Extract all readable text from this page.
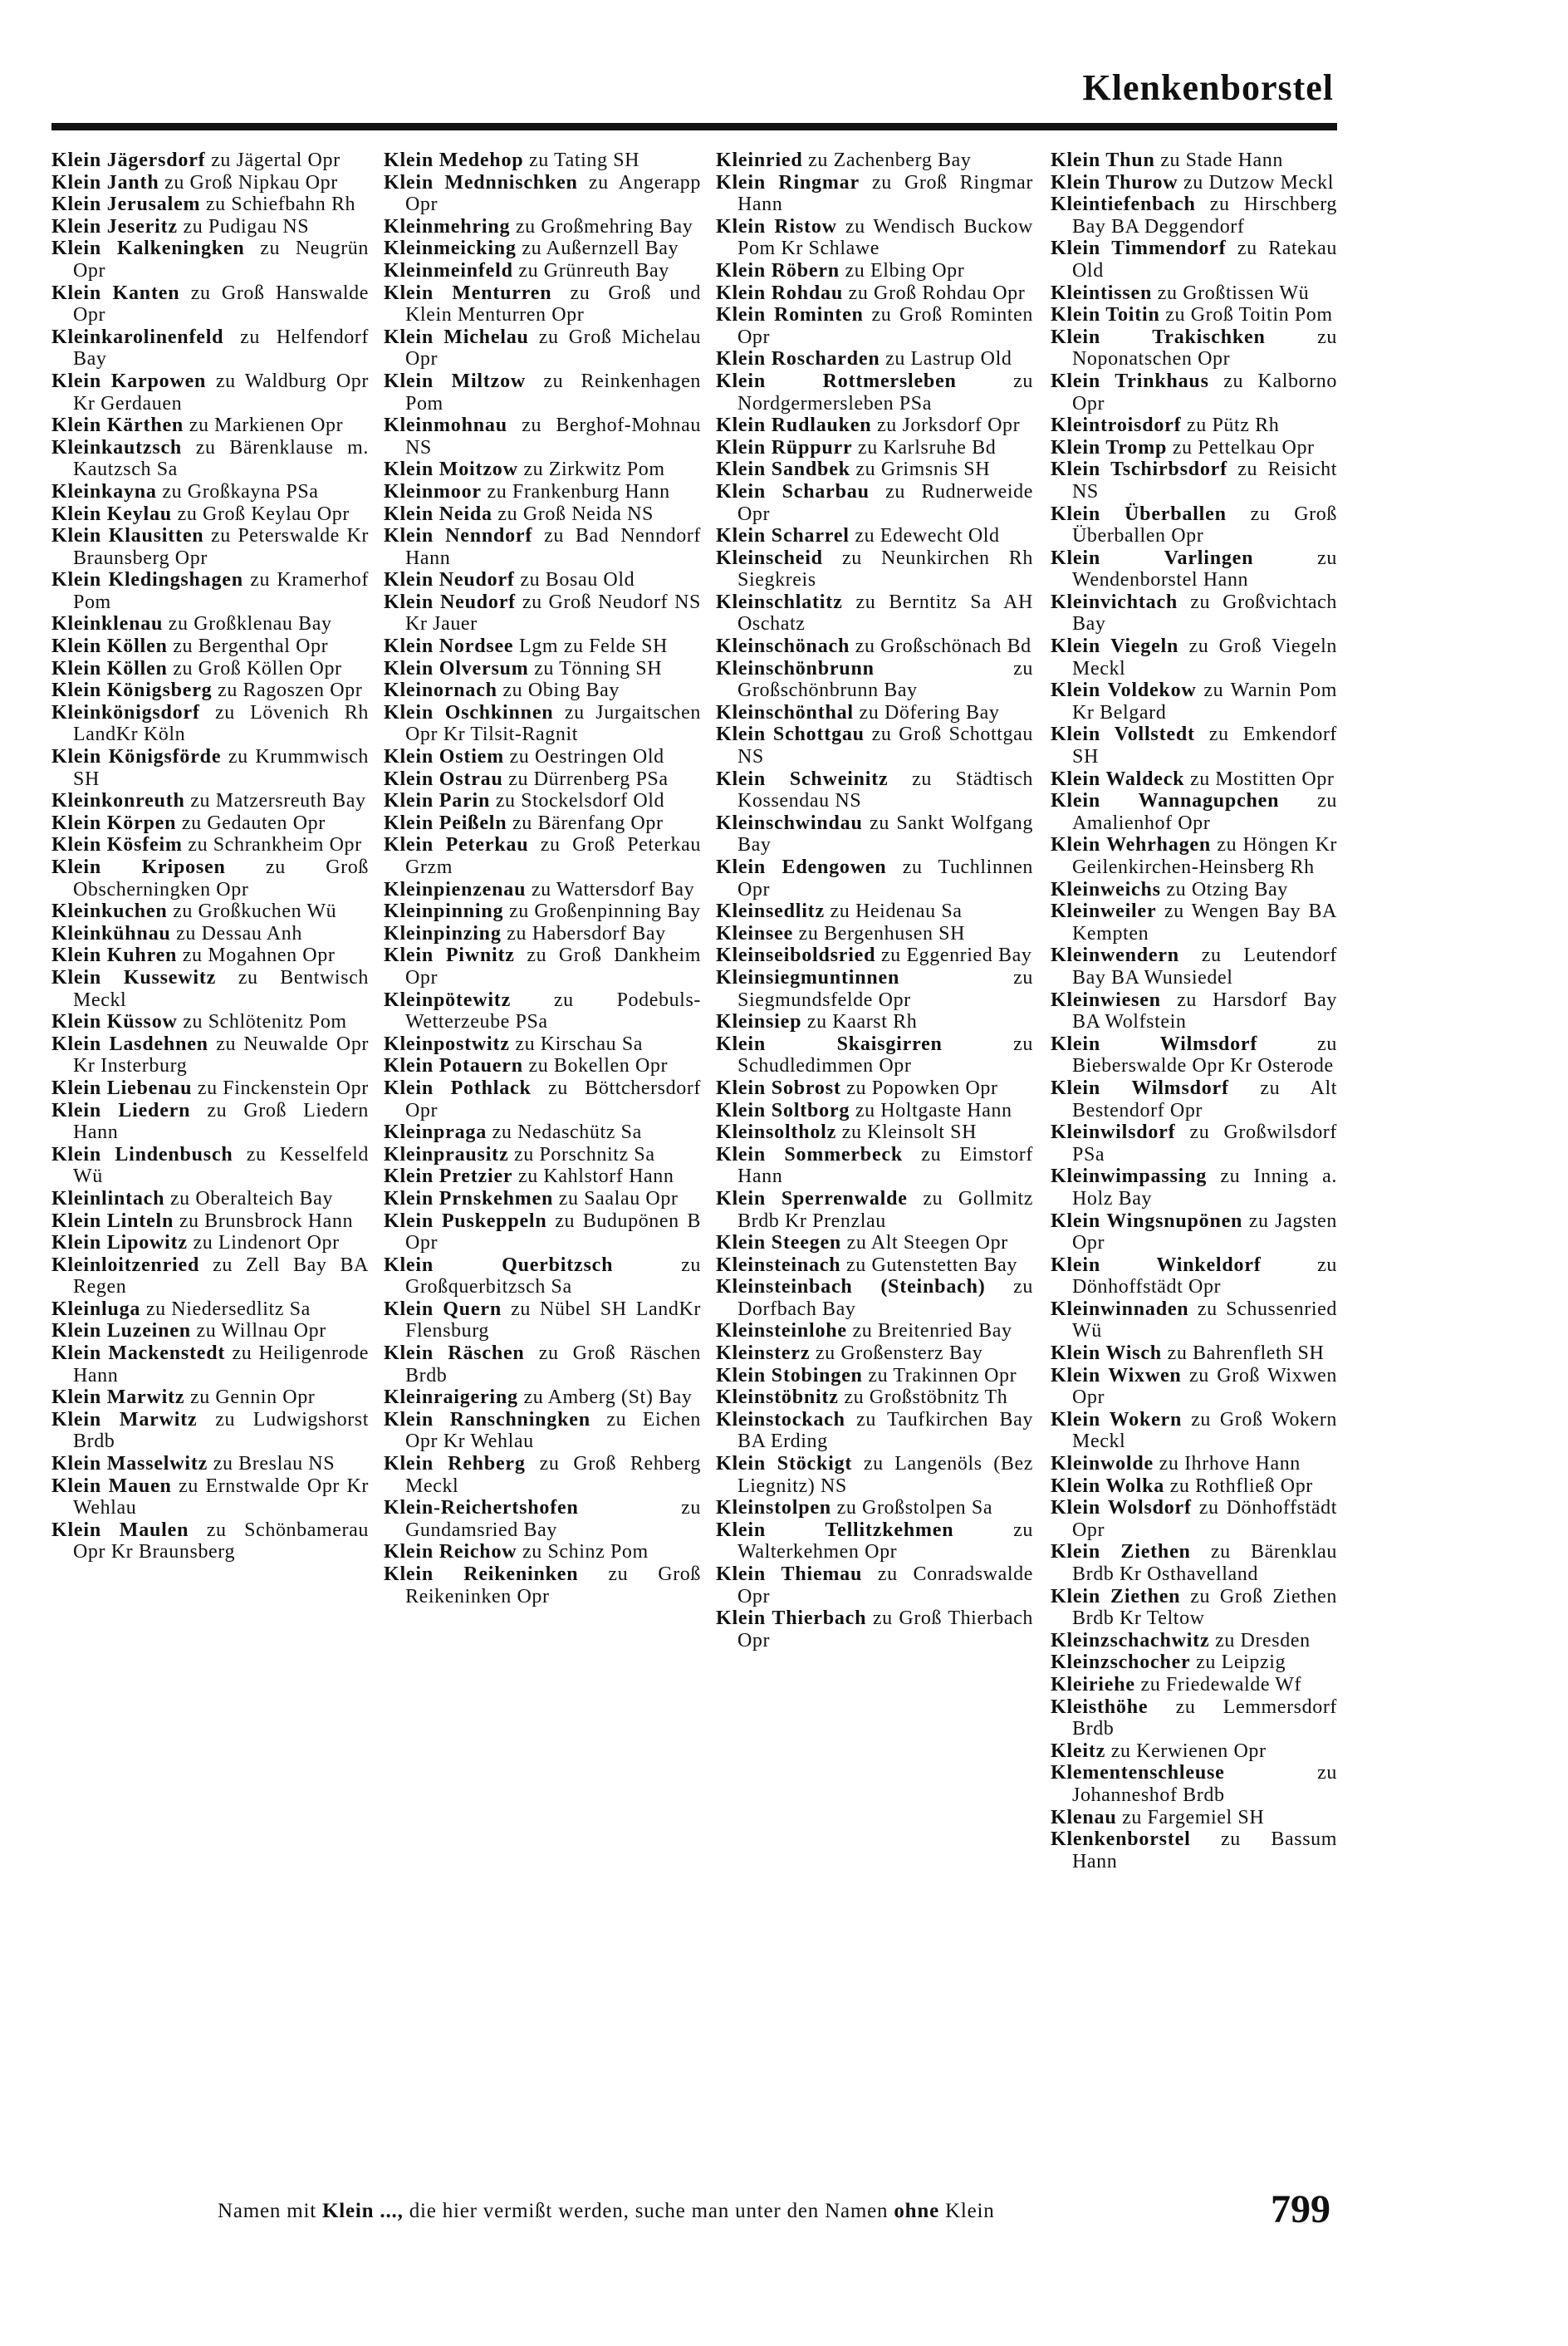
Klenkenborstel
Klein Jägersdorf zu Jägertal Opr
Klein Janth zu Groß Nipkau Opr
Klein Jerusalem zu Schiefbahn Rh
Klein Jeseritz zu Pudigau NS
Klein Kalkeningken zu Neugrün Opr
Klein Kanten zu Groß Hanswalde Opr
Kleinkarolinenfeld zu Helfendorf Bay
Klein Karpowen zu Waldburg Opr Kr Gerdauen
Klein Kärthen zu Markienen Opr
Kleinkautzsch zu Bärenklause m. Kautzsch Sa
Kleinkayna zu Großkayna PSa
Klein Keylau zu Groß Keylau Opr
Klein Klausitten zu Peterswalde Kr Braunsberg Opr
Klein Kledingshagen zu Kramerhof Pom
Kleinklenau zu Großklenau Bay
Klein Köllen zu Bergenthal Opr
Klein Köllen zu Groß Köllen Opr
Klein Königsberg zu Ragoszen Opr
Kleinkönigsdorf zu Lövenich Rh LandKr Köln
Klein Königsförde zu Krummwisch SH
Kleinkonreuth zu Matzersreuth Bay
Klein Körpen zu Gedauten Opr
Klein Kösfeim zu Schrankheim Opr
Klein Kriposen zu Groß Obscherningken Opr
Kleinkuchen zu Großkuchen Wü
Kleinkühnau zu Dessau Anh
Klein Kuhren zu Mogahnen Opr
Klein Kussewitz zu Bentwisch Meckl
Klein Küssow zu Schlötenitz Pom
Klein Lasdehnen zu Neuwalde Opr Kr Insterburg
Klein Liebenau zu Finckenstein Opr
Klein Liedern zu Groß Liedern Hann
Klein Lindenbusch zu Kesselfeld Wü
Kleinlintach zu Oberalteich Bay
Klein Linteln zu Brunsbrock Hann
Klein Lipowitz zu Lindenort Opr
Kleinloitzenried zu Zell Bay BA Regen
Kleinluga zu Niedersedlitz Sa
Klein Luzeinen zu Willnau Opr
Klein Mackenstedt zu Heiligenrode Hann
Klein Marwitz zu Gennin Opr
Klein Marwitz zu Ludwigshorst Brdb
Klein Masselwitz zu Breslau NS
Klein Mauen zu Ernstwalde Opr Kr Wehlau
Klein Maulen zu Schönbamerau Opr Kr Braunsberg
Klein Medehop zu Tating SH
Klein Mednnischken zu Angerapp Opr
Kleinmehring zu Großmehring Bay
Kleinmeicking zu Außernzell Bay
Kleinmeinfeld zu Grünreuth Bay
Klein Menturren zu Groß und Klein Menturren Opr
Klein Michelau zu Groß Michelau Opr
Klein Miltzow zu Reinkenhagen Pom
Kleinmohnau zu Berghof-Mohnau NS
Klein Moitzow zu Zirkwitz Pom
Kleinmoor zu Frankenburg Hann
Klein Neida zu Groß Neida NS
Klein Nenndorf zu Bad Nenndorf Hann
Klein Neudorf zu Bosau Old
Klein Neudorf zu Groß Neudorf NS Kr Jauer
Klein Nordsee Lgm zu Felde SH
Klein Olversum zu Tönning SH
Kleinornach zu Obing Bay
Klein Oschkinnen zu Jurgaitschen Opr Kr Tilsit-Ragnit
Klein Ostiem zu Oestringen Old
Klein Ostrau zu Dürrenberg PSa
Klein Parin zu Stockelsdorf Old
Klein Peißeln zu Bärenfang Opr
Klein Peterkau zu Groß Peterkau Grzm
Kleinpienzenau zu Wattersdorf Bay
Kleinpinning zu Großenpinning Bay
Kleinpinzing zu Habersdorf Bay
Klein Piwnitz zu Groß Dankheim Opr
Kleinpötewitz zu Podebuls-Wetterzeube PSa
Kleinpostwitz zu Kirschau Sa
Klein Potauern zu Bokellen Opr
Klein Pothlack zu Böttchersdorf Opr
Kleinpraga zu Nedaschütz Sa
Kleinprausitz zu Porschnitz Sa
Klein Pretzier zu Kahlstorf Hann
Klein Prnskehmen zu Saalau Opr
Klein Puskeppeln zu Budupönen B Opr
Klein Querbitzsch	zu Großquerbitzsch Sa
Klein Quern zu Nübel SH LandKr Flensburg
Klein Räschen zu Groß Räschen Brdb
Kleinraigering zu Amberg (St) Bay
Klein Ranschningken zu Eichen Opr Kr Wehlau
Klein Rehberg zu Groß Rehberg Meckl
Klein-Reichertshofen	zu Gundamsried Bay
Klein Reichow zu Schinz Pom
Klein Reikeninken zu Groß Reikeninken Opr
Kleinried zu Zachenberg Bay
Klein Ringmar zu Groß Ringmar Hann
Klein Ristow zu Wendisch Buckow Pom Kr Schlawe
Klein Röbern zu Elbing Opr
Klein Rohdau zu Groß Rohdau Opr
Klein Rominten zu Groß Rominten Opr
Klein Roscharden zu Lastrup Old
Klein Rottmersleben	zu Nordgermersleben PSa
Klein Rudlauken zu Jorksdorf Opr
Klein Rüppurr zu Karlsruhe Bd
Klein Sandbek zu Grimsnis SH
Klein Scharbau zu Rudnerweide Opr
Klein Scharrel zu Edewecht Old
Kleinscheid zu Neunkirchen Rh Siegkreis
Kleinschlatitz zu Berntitz Sa AH Oschatz
Kleinschönach zu Großschönach Bd
Kleinschönbrunn	zu Großschönbrunn Bay
Kleinschönthal zu Döfering Bay
Klein Schottgau zu Groß Schottgau NS
Klein Schweinitz zu Städtisch Kossendau NS
Kleinschwindau zu Sankt Wolfgang Bay
Klein Edengowen zu Tuchlinnen Opr
Kleinsedlitz zu Heidenau Sa
Kleinsee zu Bergenhusen SH
Kleinseiboldsried zu Eggenried Bay
Kleinsiegmuntinnen	zu Siegmundsfelde Opr
Kleinsiep zu Kaarst Rh
Klein Skaisgirren	zu Schudledimmen Opr
Klein Sobrost zu Popowken Opr
Klein Soltborg zu Holtgaste Hann
Kleinsoltholz zu Kleinsolt SH
Klein Sommerbeck zu Eimstorf Hann
Klein Sperrenwalde zu Gollmitz Brdb Kr Prenzlau
Klein Steegen zu Alt Steegen Opr
Kleinsteinach zu Gutenstetten Bay
Kleinsteinbach (Steinbach) zu Dorfbach Bay
Kleinsteinlohe zu Breitenried Bay
Kleinsterz zu Großensterz Bay
Klein Stobingen zu Trakinnen Opr
Kleinstöbnitz zu Großstöbnitz Th
Kleinstockach zu Taufkirchen Bay BA Erding
Klein Stöckigt zu Langenöls (Bez Liegnitz) NS
Kleinstolpen zu Großstolpen Sa
Klein Tellitzkehmen	zu Walterkehmen Opr
Klein Thiemau zu Conradswalde Opr
Klein Thierbach zu Groß Thierbach Opr
Klein Thun zu Stade Hann
Klein Thurow zu Dutzow Meckl
Kleintiefenbach zu Hirschberg Bay BA Deggendorf
Klein Timmendorf zu Ratekau Old
Kleintissen zu Großtissen Wü
Klein Toitin zu Groß Toitin Pom
Klein Trakischken	zu Noponatschen Opr
Klein Trinkhaus zu Kalborno Opr
Kleintroisdorf zu Pütz Rh
Klein Tromp zu Pettelkau Opr
Klein Tschirbsdorf zu Reisicht NS
Klein Überballen zu Groß Überballen Opr
Klein Varlingen	zu Wendenborstel Hann
Kleinvichtach zu Großvichtach Bay
Klein Viegeln zu Groß Viegeln Meckl
Klein Voldekow zu Warnin Pom Kr Belgard
Klein Vollstedt zu Emkendorf SH
Klein Waldeck zu Mostitten Opr
Klein Wannagupchen zu Amalienhof Opr
Klein Wehrhagen zu Höngen Kr Geilenkirchen-Heinsberg Rh
Kleinweichs zu Otzing Bay
Kleinweiler zu Wengen Bay BA Kempten
Kleinwendern zu Leutendorf Bay BA Wunsiedel
Kleinwiesen zu Harsdorf Bay BA Wolfstein
Klein Wilmsdorf	zu Bieberswalde Opr Kr Osterode
Klein Wilmsdorf zu Alt Bestendorf Opr
Kleinwilsdorf zu Großwilsdorf PSa
Kleinwimpassing zu Inning a. Holz Bay
Klein Wingsnupönen zu Jagsten Opr
Klein Winkeldorf	zu Dönhoffstädt Opr
Kleinwinnaden zu Schussenried Wü
Klein Wisch zu Bahrenfleth SH
Klein Wixwen zu Groß Wixwen Opr
Klein Wokern zu Groß Wokern Meckl
Kleinwolde zu Ihrhove Hann
Klein Wolka zu Rothfließ Opr
Klein Wolsdorf zu Dönhoffstädt Opr
Klein Ziethen zu Bärenklau Brdb Kr Osthavelland
Klein Ziethen zu Groß Ziethen Brdb Kr Teltow
Kleinzschachwitz zu Dresden
Kleinzschocher zu Leipzig
Kleiriehe zu Friedewalde Wf
Kleisthöhe zu Lemmersdorf Brdb
Kleitz zu Kerwienen Opr
Klementenschleuse	zu Johanneshof Brdb
Klenau zu Fargemiel SH
Klenkenborstel zu Bassum Hann
Namen mit Klein ..., die hier vermißt werden, suche man unter den Namen ohne Klein	799
